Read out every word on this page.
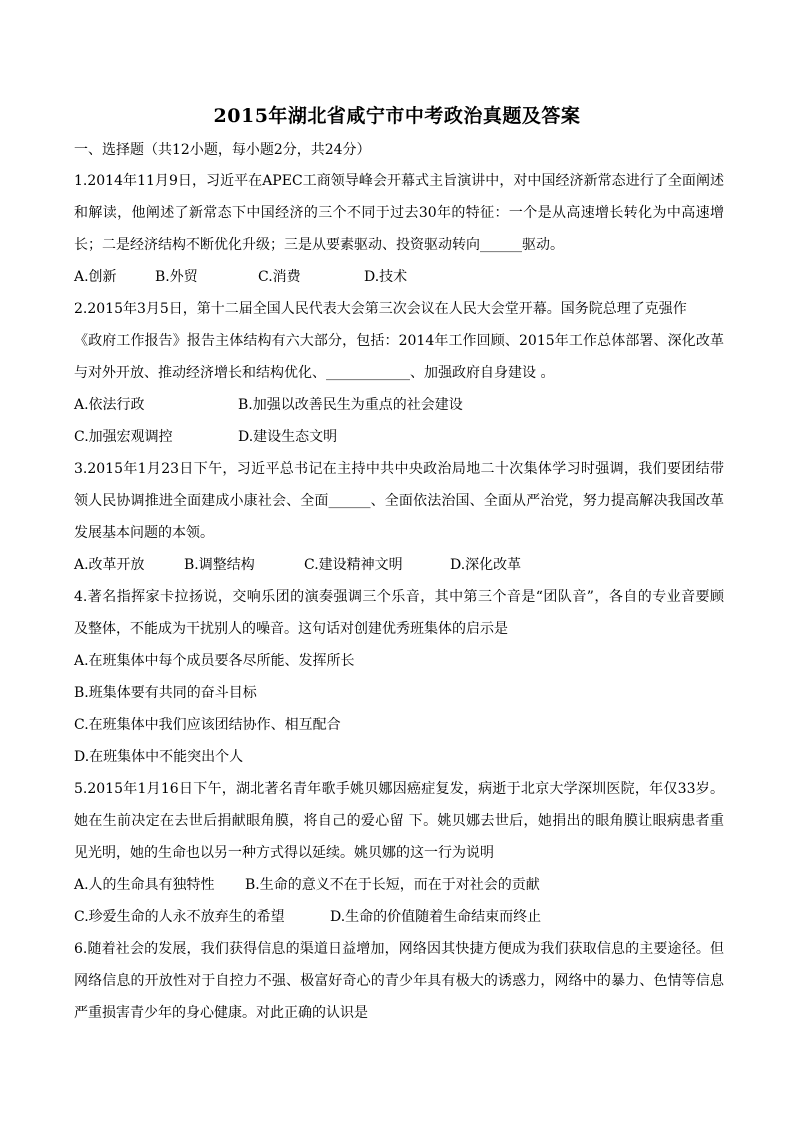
2015年湖北省咸宁市中考政治真题及答案
一、选择题（共12小题，每小题2分，共24分）
1.2014年11月9日，习近平在APEC工商领导峰会开幕式主旨演讲中，对中国经济新常态进行了全面阐述
和解读，他阐述了新常态下中国经济的三个不同于过去30年的特征：一个是从高速增长转化为中高速增
长；二是经济结构不断优化升级；三是从要素驱动、投资驱动转向______驱动。
A.创新	B.外贸	C.消费	D.技术
2.2015年3月5日，第十二届全国人民代表大会第三次会议在人民大会堂开幕。国务院总理了克强作
《政府工作报告》报告主体结构有六大部分，包括：2014年工作回顾、2015年工作总体部署、深化改革
与对外开放、推动经济增长和结构优化、____________、加强政府自身建设 。
A.依法行政	B.加强以改善民生为重点的社会建设
C.加强宏观调控	D.建设生态文明
3.2015年1月23日下午，习近平总书记在主持中共中央政治局地二十次集体学习时强调，我们要团结带
领人民协调推进全面建成小康社会、全面______、全面依法治国、全面从严治党，努力提高解决我国改革
发展基本问题的本领。
A.改革开放	B.调整结构	C.建设精神文明	D.深化改革
4.著名指挥家卡拉扬说，交响乐团的演奏强调三个乐音，其中第三个音是“团队音”，各自的专业音要顾
及整体，不能成为干扰别人的噪音。这句话对创建优秀班集体的启示是
A.在班集体中每个成员要各尽所能、发挥所长
B.班集体要有共同的奋斗目标
C.在班集体中我们应该团结协作、相互配合
D.在班集体中不能突出个人
5.2015年1月16日下午，湖北著名青年歌手姚贝娜因癌症复发，病逝于北京大学深圳医院，年仅33岁。
她在生前决定在去世后捐献眼角膜，将自己的爱心留 下。姚贝娜去世后，她捐出的眼角膜让眼病患者重
见光明，她的生命也以另一种方式得以延续。姚贝娜的这一行为说明
A.人的生命具有独特性 B.生命的意义不在于长短，而在于对社会的贡献
C.珍爱生命的人永不放弃生的希望	D.生命的价值随着生命结束而终止
6.随着社会的发展，我们获得信息的渠道日益增加，网络因其快捷方便成为我们获取信息的主要途径。但
网络信息的开放性对于自控力不强、极富好奇心的青少年具有极大的诱惑力，网络中的暴力、色情等信息
严重损害青少年的身心健康。对此正确的认识是
